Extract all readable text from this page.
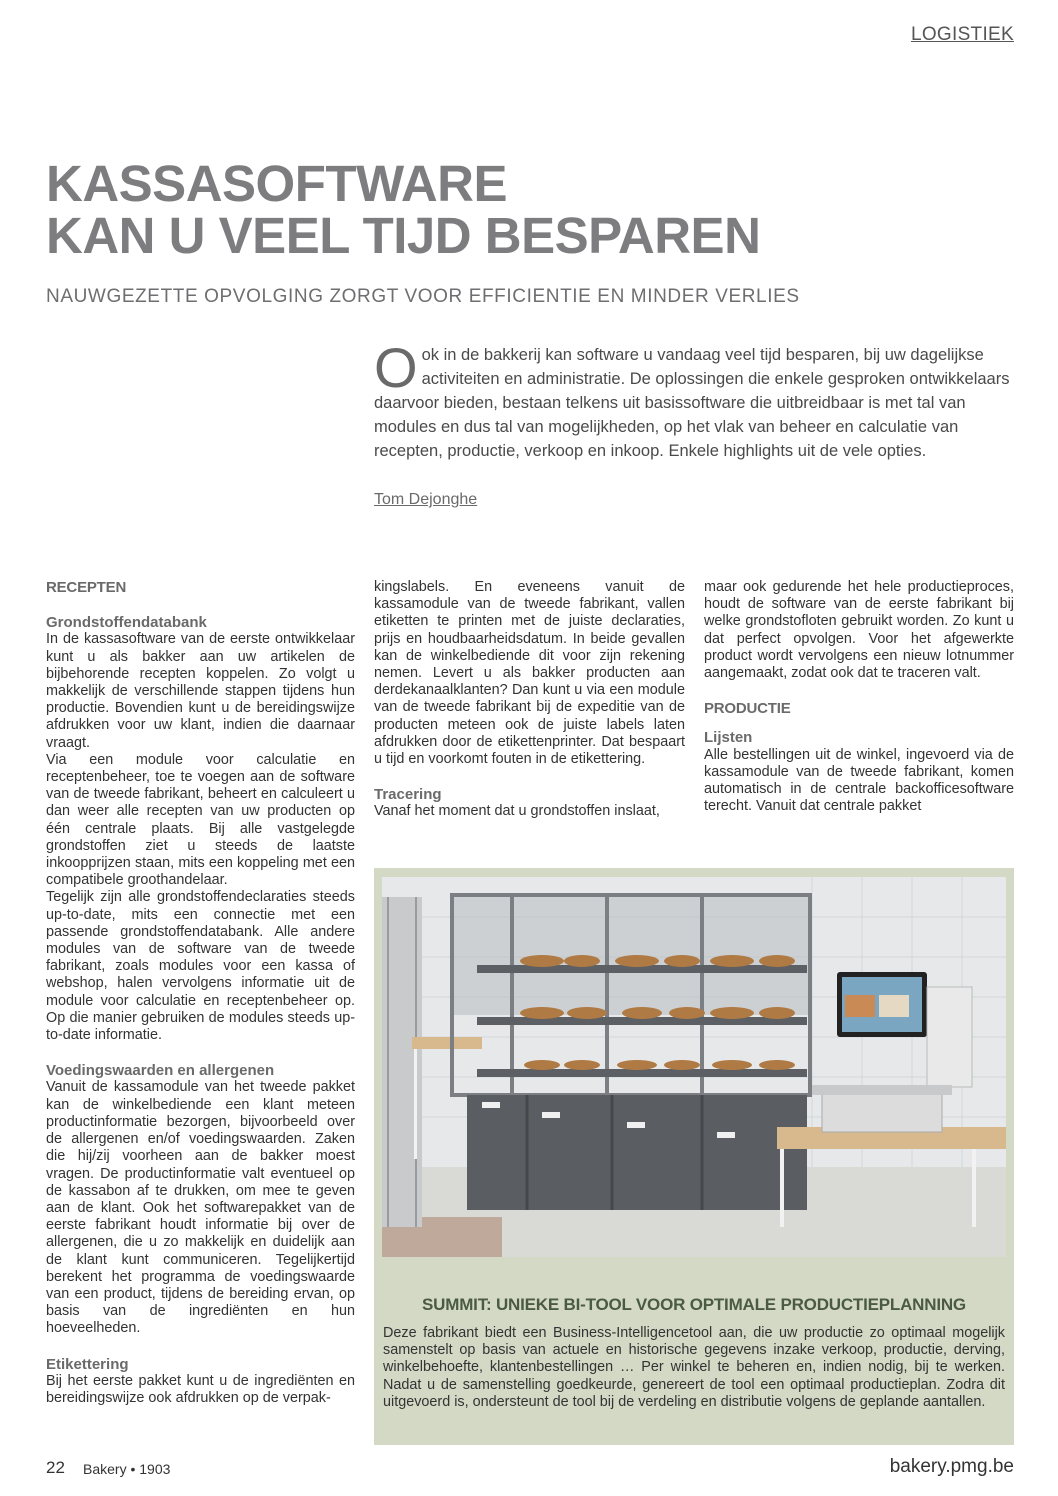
LOGISTIEK
KASSASOFTWARE
KAN U VEEL TIJD BESPAREN
NAUWGEZETTE OPVOLGING ZORGT VOOR EFFICIENTIE EN MINDER VERLIES
O ok in de bakkerij kan software u vandaag veel tijd besparen, bij uw dagelijkse activiteiten en administratie. De oplossingen die enkele gesproken ontwikkelaars daarvoor bieden, bestaan telkens uit basissoftware die uitbreidbaar is met tal van modules en dus tal van mogelijkheden, op het vlak van beheer en calculatie van recepten, productie, verkoop en inkoop. Enkele highlights uit de vele opties.
Tom Dejonghe

RECEPTEN

Grondstoffendatabank

In de kassasoftware van de eerste ontwikkelaar kunt u als bakker aan uw artikelen de bijbehorende recepten koppelen. Zo volgt u makkelijk de verschillende stappen tijdens hun productie. Bovendien kunt u de bereidingswijze afdrukken voor uw klant, indien die daarnaar vraagt.

Via een module voor calculatie en receptenbeheer, toe te voegen aan de software van de tweede fabrikant, beheert en calculeert u dan weer alle recepten van uw producten op één centrale plaats. Bij alle vastgelegde grondstoffen ziet u steeds de laatste inkoopprijzen staan, mits een koppeling met een compatibele groothandelaar.

Tegelijk zijn alle grondstoffendeclaraties steeds up-to-date, mits een connectie met een passende grondstoffendatabank. Alle andere modules van de software van de tweede fabrikant, zoals modules voor een kassa of webshop, halen vervolgens informatie uit de module voor calculatie en receptenbeheer op. Op die manier gebruiken de modules steeds up-to-date informatie.

Voedingswaarden en allergenen

Vanuit de kassamodule van het tweede pakket kan de winkelbediende een klant meteen productinformatie bezorgen, bijvoorbeeld over de allergenen en/of voedingswaarden. Zaken die hij/zij voorheen aan de bakker moest vragen. De productinformatie valt eventueel op de kassabon af te drukken, om mee te geven aan de klant. Ook het softwarepakket van de eerste fabrikant houdt informatie bij over de allergenen, die u zo makkelijk en duidelijk aan de klant kunt communiceren. Tegelijkertijd berekent het programma de voedingswaarde van een product, tijdens de bereiding ervan, op basis van de ingrediënten en hun hoeveelheden.

Etikettering

Bij het eerste pakket kunt u de ingrediënten en bereidingswijze ook afdrukken op de verpak-

kingslabels. En eveneens vanuit de kassamodule van de tweede fabrikant, vallen etiketten te printen met de juiste declaraties, prijs en houdbaarheidsdatum. In beide gevallen kan de winkelbediende dit voor zijn rekening nemen. Levert u als bakker producten aan derdekanaalklanten? Dan kunt u via een module van de tweede fabrikant bij de expeditie van de producten meteen ook de juiste labels laten afdrukken door de etikettenprinter. Dat bespaart u tijd en voorkomt fouten in de etikettering.

Tracering

Vanaf het moment dat u grondstoffen inslaat,

maar ook gedurende het hele productieproces, houdt de software van de eerste fabrikant bij welke grondstofloten gebruikt worden. Zo kunt u dat perfect opvolgen. Voor het afgewerkte product wordt vervolgens een nieuw lotnummer aangemaakt, zodat ook dat te traceren valt.

PRODUCTIE

Lijsten

Alle bestellingen uit de winkel, ingevoerd via de kassamodule van de tweede fabrikant, komen automatisch in de centrale backofficesoftware terecht. Vanuit dat centrale pakket

SUMMIT: UNIEKE BI-TOOL VOOR OPTIMALE PRODUCTIEPLANNING
Deze fabrikant biedt een Business-Intelligencetool aan, die uw productie zo optimaal mogelijk samenstelt op basis van actuele en historische gegevens inzake verkoop, productie, derving, winkelbehoefte, klantenbestellingen … Per winkel te beheren en, indien nodig, bij te werken. Nadat u de samenstelling goedkeurde, genereert de tool een optimaal productieplan. Zodra dit uitgevoerd is, ondersteunt de tool bij de verdeling en distributie volgens de geplande aantallen.
22 Bakery • 1903	bakery.pmg.be
